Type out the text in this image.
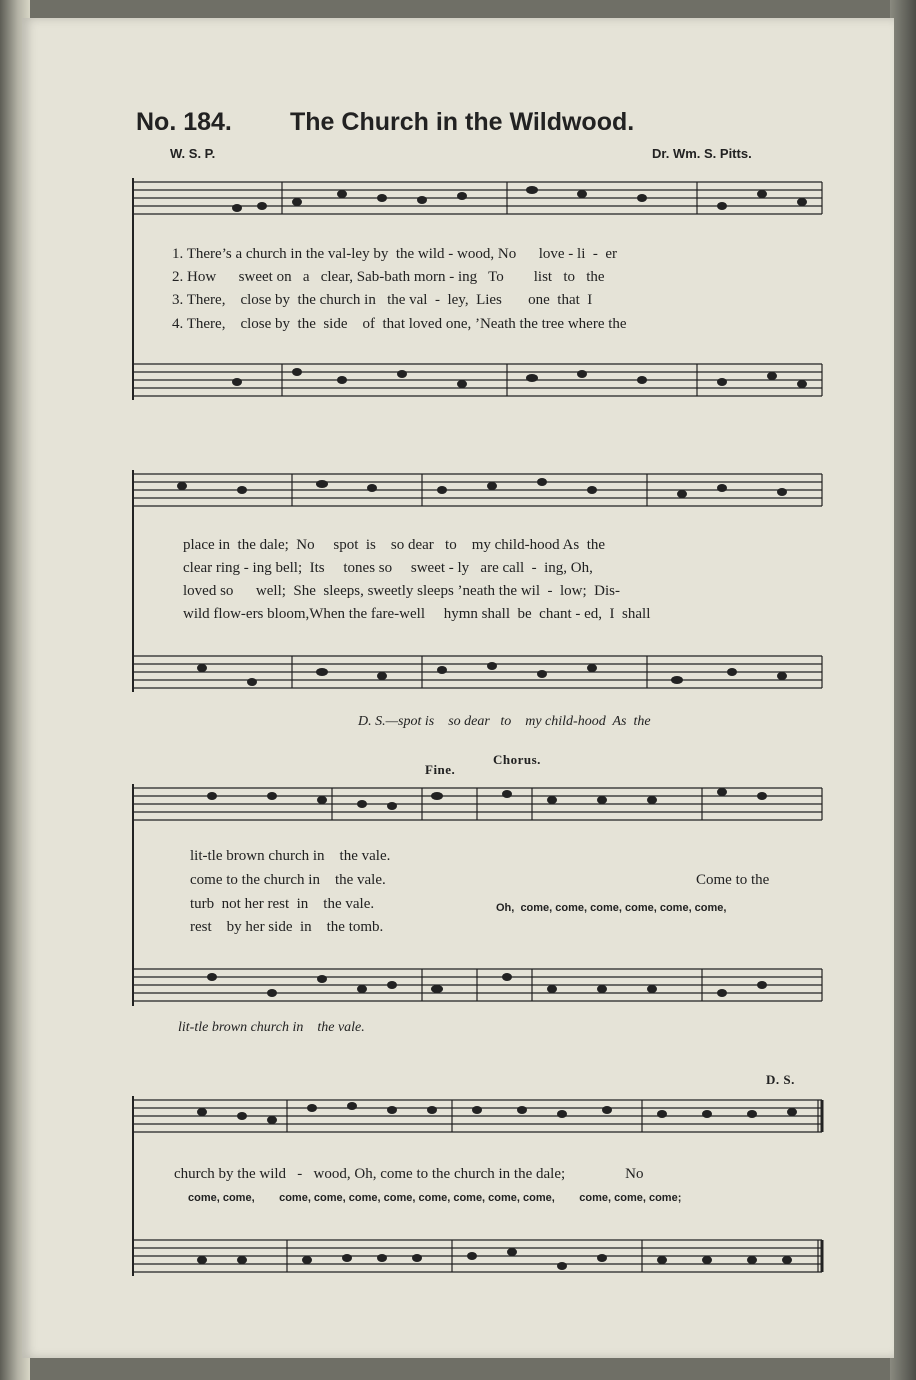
No. 184. The Church in the Wildwood.
W. S. P.	Dr. Wm. S. Pitts.
1. There’s a church in the val-ley by  the wild - wood, No      love - li  -  er
2. How      sweet on   a   clear, Sab-bath morn - ing   To        list   to   the
3. There,    close by  the church in   the val  -  ley,  Lies       one  that  I
4. There,    close by  the  side    of  that loved one, ’Neath the tree where the
place in  the dale;  No     spot  is    so dear   to    my child-hood As  the
clear ring - ing bell;  Its     tones so     sweet - ly   are call  -  ing, Oh,
loved so      well;  She  sleeps, sweetly sleeps ’neath the wil  -  low;  Dis-
wild flow-ers bloom,When the fare-well     hymn shall  be  chant - ed,  I  shall
D. S.—spot is    so dear   to    my child-hood  As  the
Fine.
Chorus.
lit-tle brown church in    the vale.
come to the church in    the vale.
turb  not her rest  in    the vale.
rest    by her side  in    the tomb.
Come to the
Oh,  come, come, come, come, come, come,
lit-tle brown church in    the vale.
D. S.
church by the wild   -   wood, Oh, come to the church in the dale;                No
come, come,        come, come, come, come, come, come, come, come,        come, come, come;
